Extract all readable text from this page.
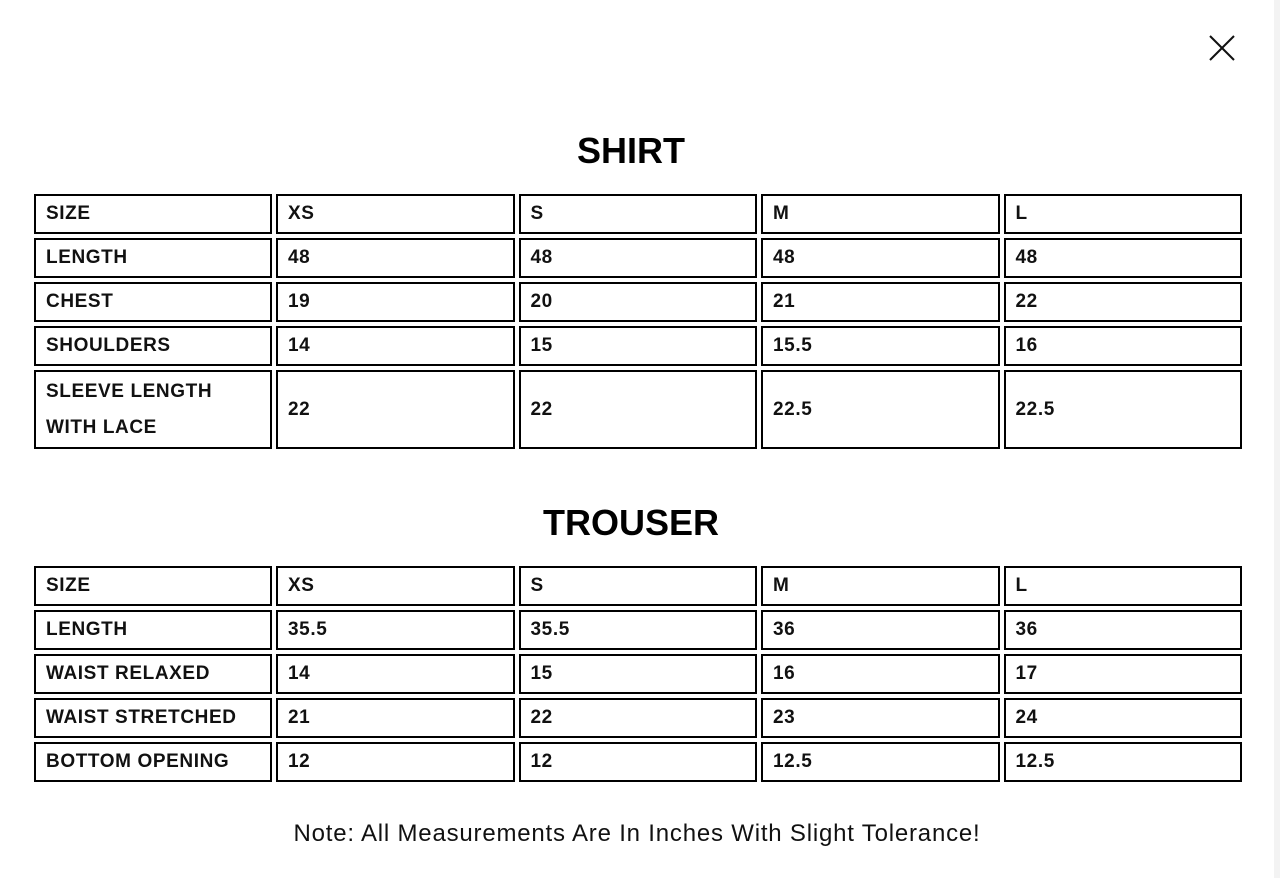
SHIRT
SIZE	XS	S	M	L
LENGTH	48	48	48	48
CHEST	19	20	21	22
SHOULDERS	14	15	15.5	16
SLEEVE LENGTH WITH LACE	22	22	22.5	22.5
TROUSER
SIZE	XS	S	M	L
LENGTH	35.5	35.5	36	36
WAIST RELAXED	14	15	16	17
WAIST STRETCHED	21	22	23	24
BOTTOM OPENING	12	12	12.5	12.5
Note: All Measurements Are In Inches With Slight Tolerance!
